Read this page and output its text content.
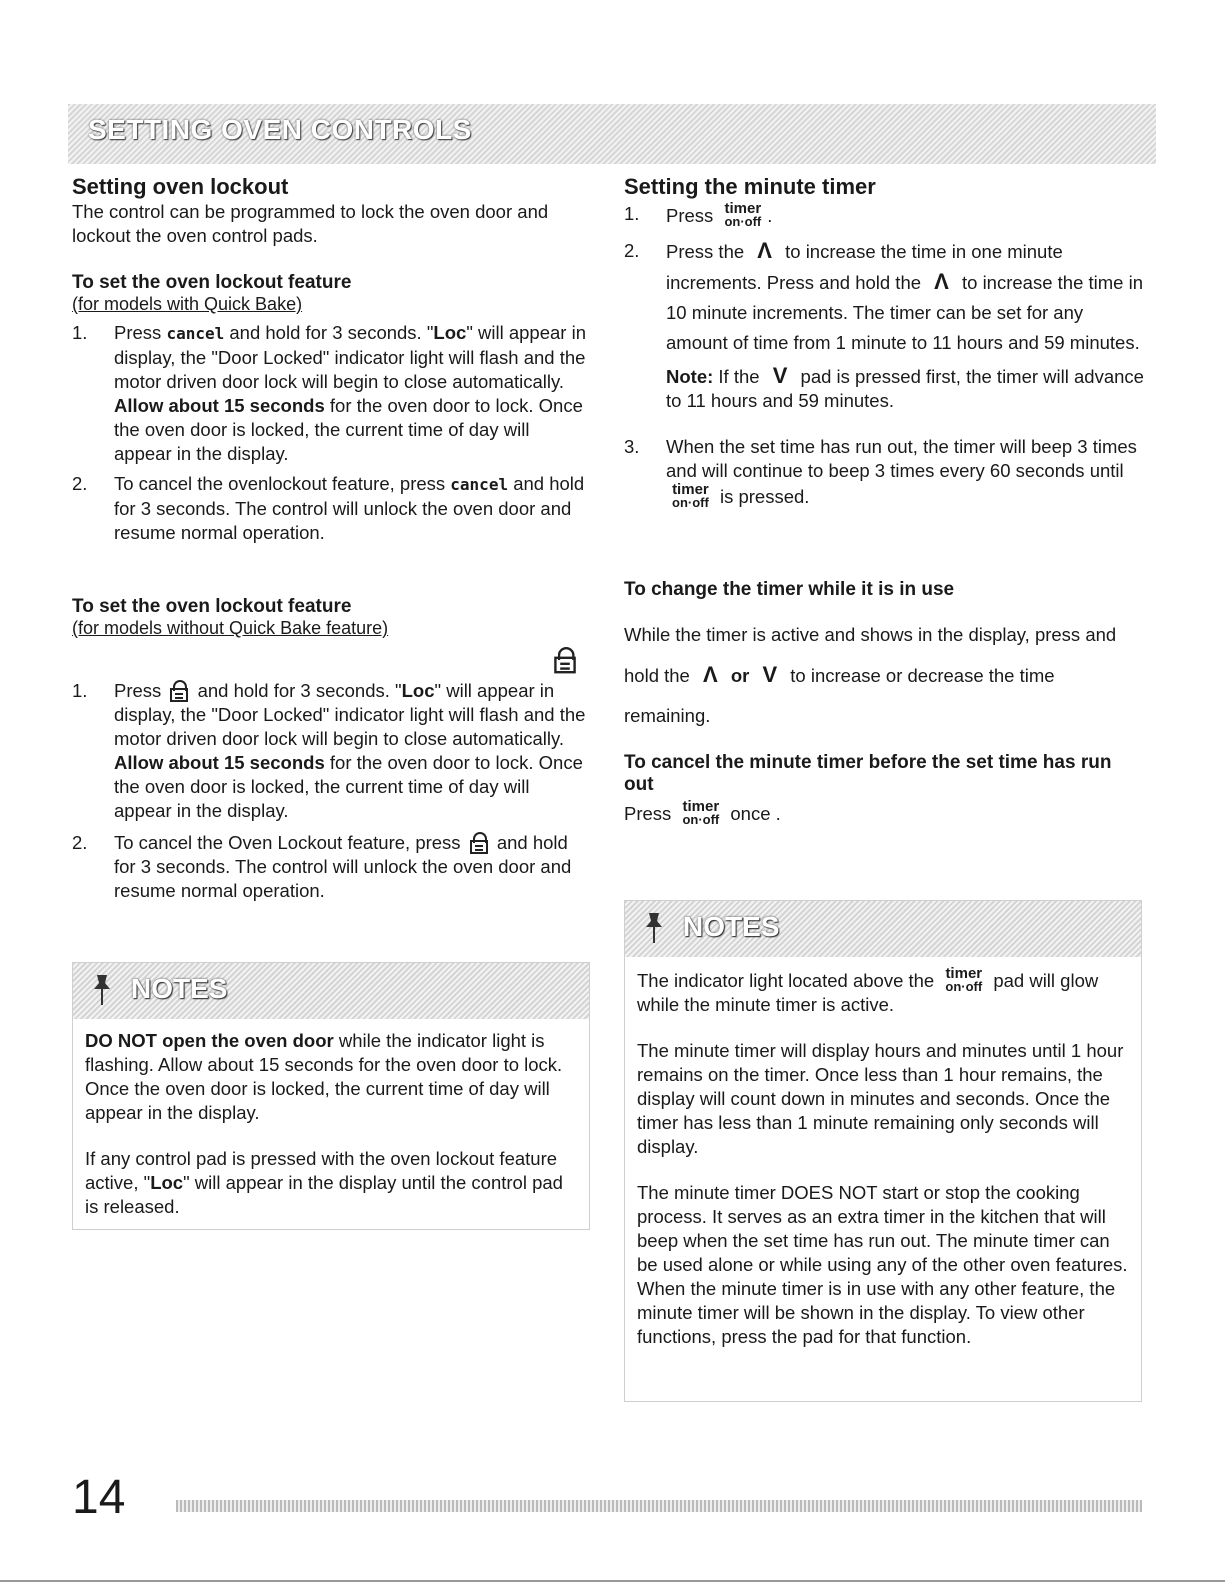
SETTING OVEN CONTROLS
Setting oven lockout

The control can be programmed to lock the oven door and lockout the oven control pads.

To set the oven lockout feature
(for models with Quick Bake)
1. Press cancel and hold for 3 seconds. "Loc" will appear in display, the "Door Locked" indicator light will flash and the motor driven door lock will begin to close automatically. Allow about 15 seconds for the oven door to lock. Once the oven door is locked, the current time of day will appear in the display.
2. To cancel the ovenlockout feature, press cancel and hold for 3 seconds. The control will unlock the oven door and resume normal operation.
To set the oven lockout feature
(for models without Quick Bake feature)
1. Press and hold for 3 seconds. "Loc" will appear in display, the "Door Locked" indicator light will flash and the motor driven door lock will begin to close automatically. Allow about 15 seconds for the oven door to lock. Once the oven door is locked, the current time of day will appear in the display.
2. To cancel the Oven Lockout feature, press and hold for 3 seconds. The control will unlock the oven door and resume normal operation.
NOTES

DO NOT open the oven door while the indicator light is flashing. Allow about 15 seconds for the oven door to lock. Once the oven door is locked, the current time of day will appear in the display.

If any control pad is pressed with the oven lockout feature active, "Loc" will appear in the display until the control pad is released.

Setting the minute timer
1. Press timer
on·off .
2. Press the Λ to increase the time in one minute increments. Press and hold the Λ to increase the time in 10 minute increments. The timer can be set for any amount of time from 1 minute to 11 hours and 59 minutes.
Note: If the V pad is pressed first, the timer will advance to 11 hours and 59 minutes.
3. When the set time has run out, the timer will beep 3 times and will continue to beep 3 times every 60 seconds until
timer
on·off is pressed.
To change the timer while it is in use

While the timer is active and shows in the display, press and hold the Λ or V to increase or decrease the time remaining.

To cancel the minute timer before the set time has run out

Press timer
on·off once .

NOTES

The indicator light located above the timer
on·off pad will glow while the minute timer is active.

The minute timer will display hours and minutes until 1 hour remains on the timer. Once less than 1 hour remains, the display will count down in minutes and seconds. Once the timer has less than 1 minute remaining only seconds will display.

The minute timer DOES NOT start or stop the cooking process. It serves as an extra timer in the kitchen that will beep when the set time has run out. The minute timer can be used alone or while using any of the other oven features. When the minute timer is in use with any other feature, the minute timer will be shown in the display. To view other functions, press the pad for that function.

14
